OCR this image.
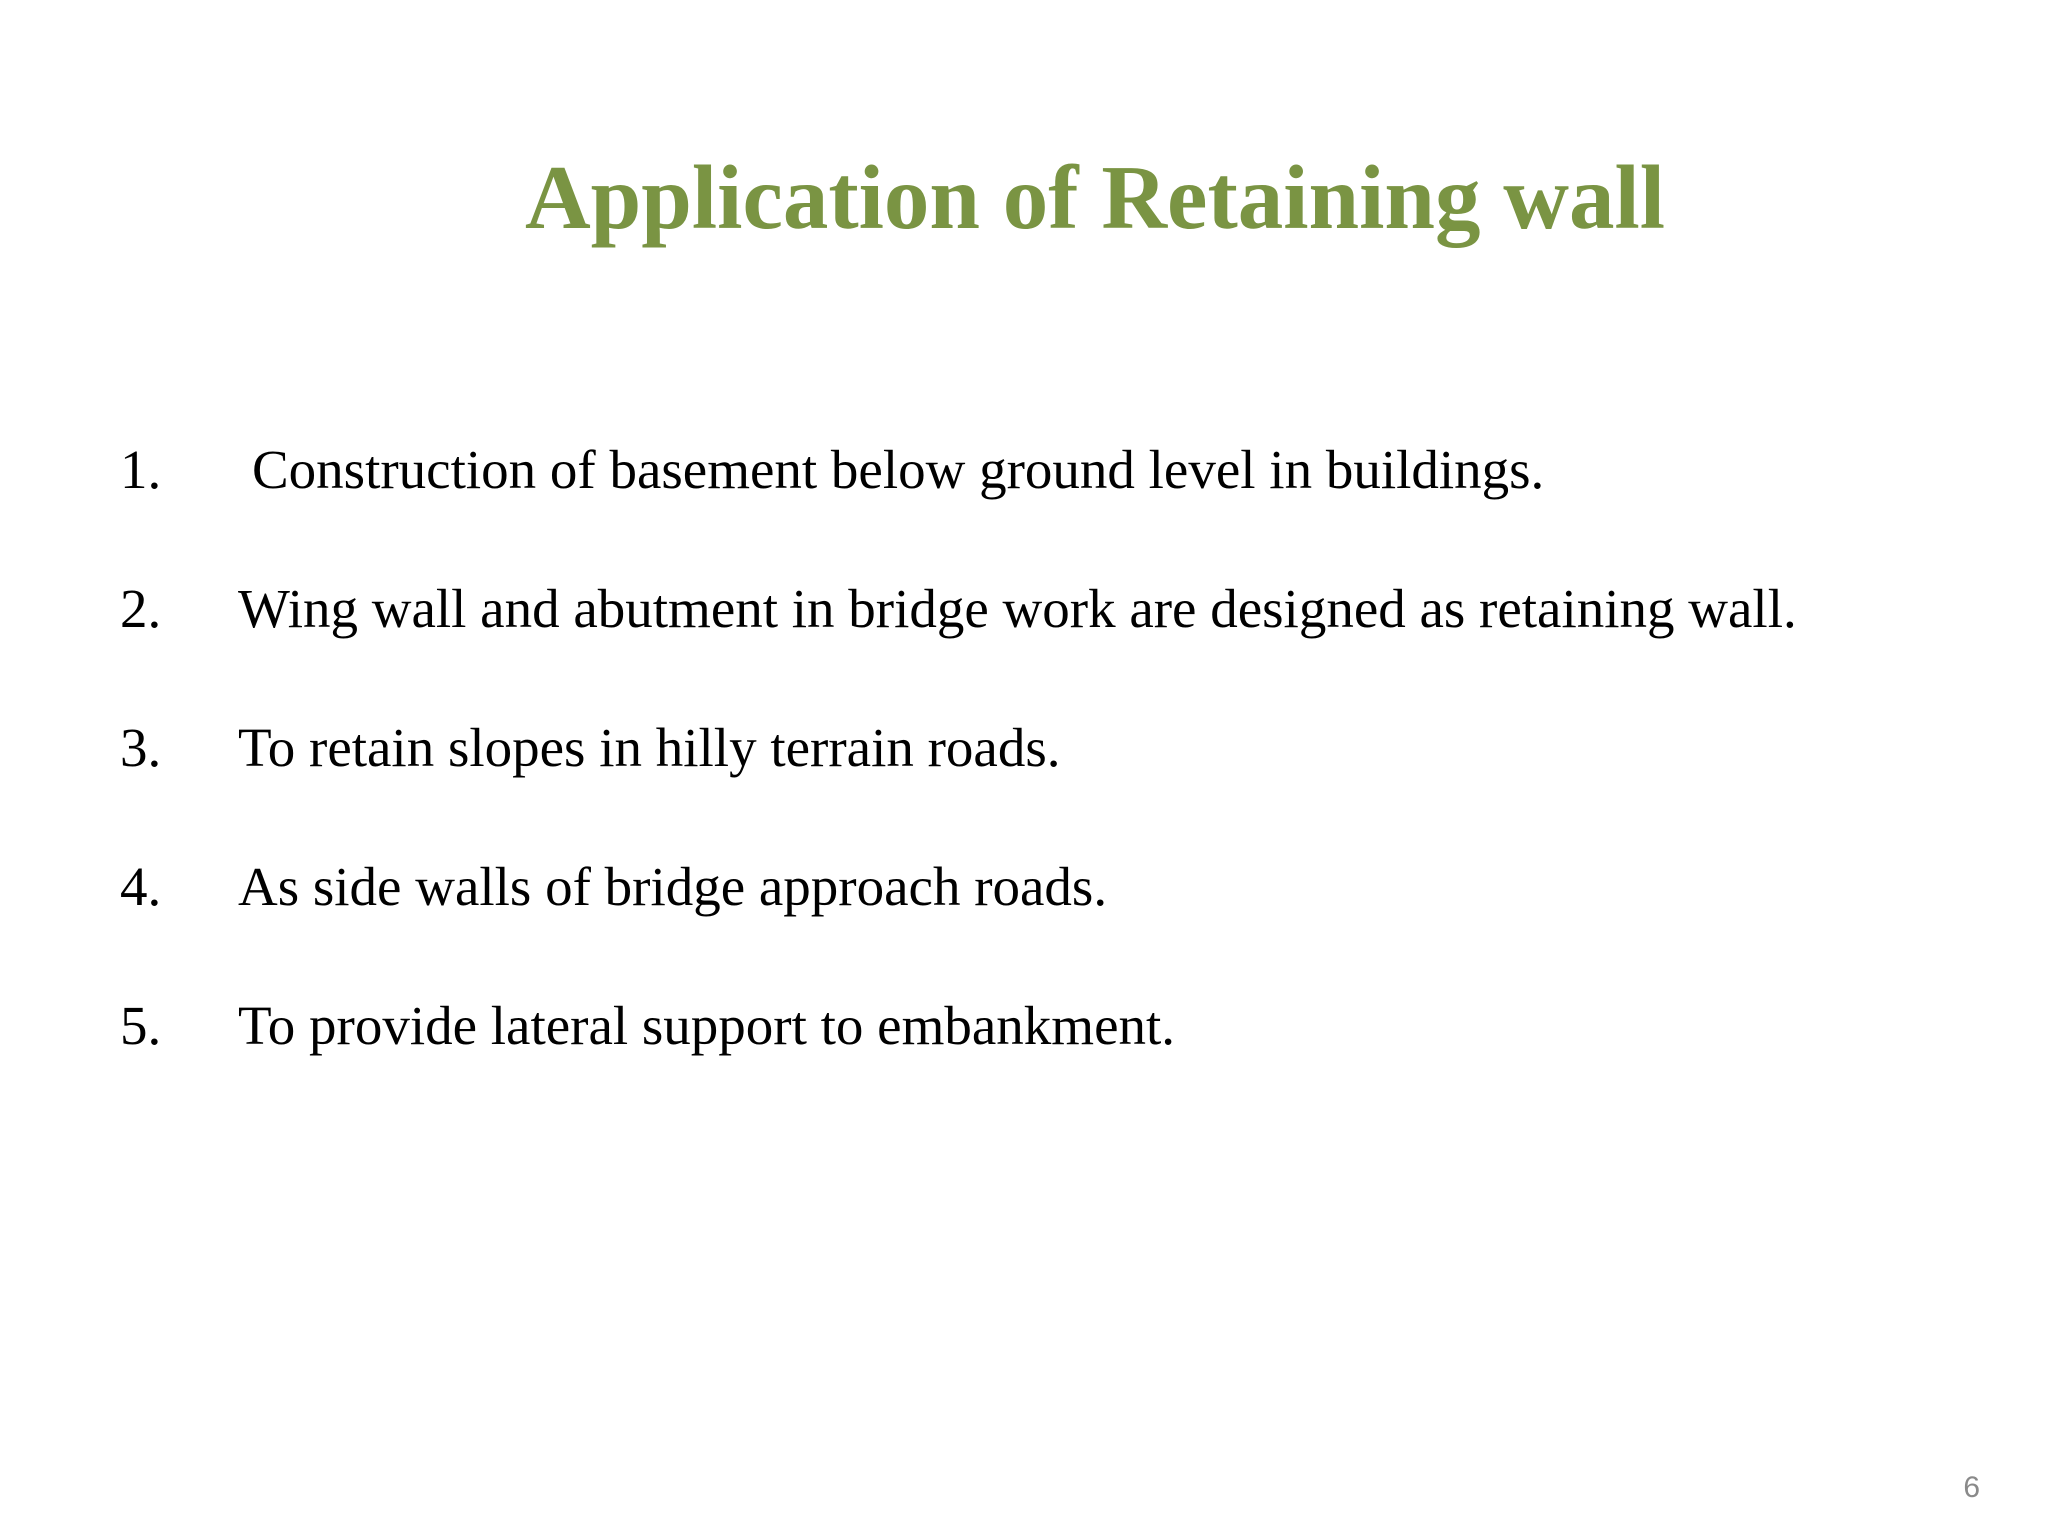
Application of Retaining wall
1. Construction of basement below ground level in buildings.
2. Wing wall and abutment in bridge work are designed as retaining wall.
3. To retain slopes in hilly terrain roads.
4. As side walls of bridge approach roads.
5. To provide lateral support to embankment.
6
